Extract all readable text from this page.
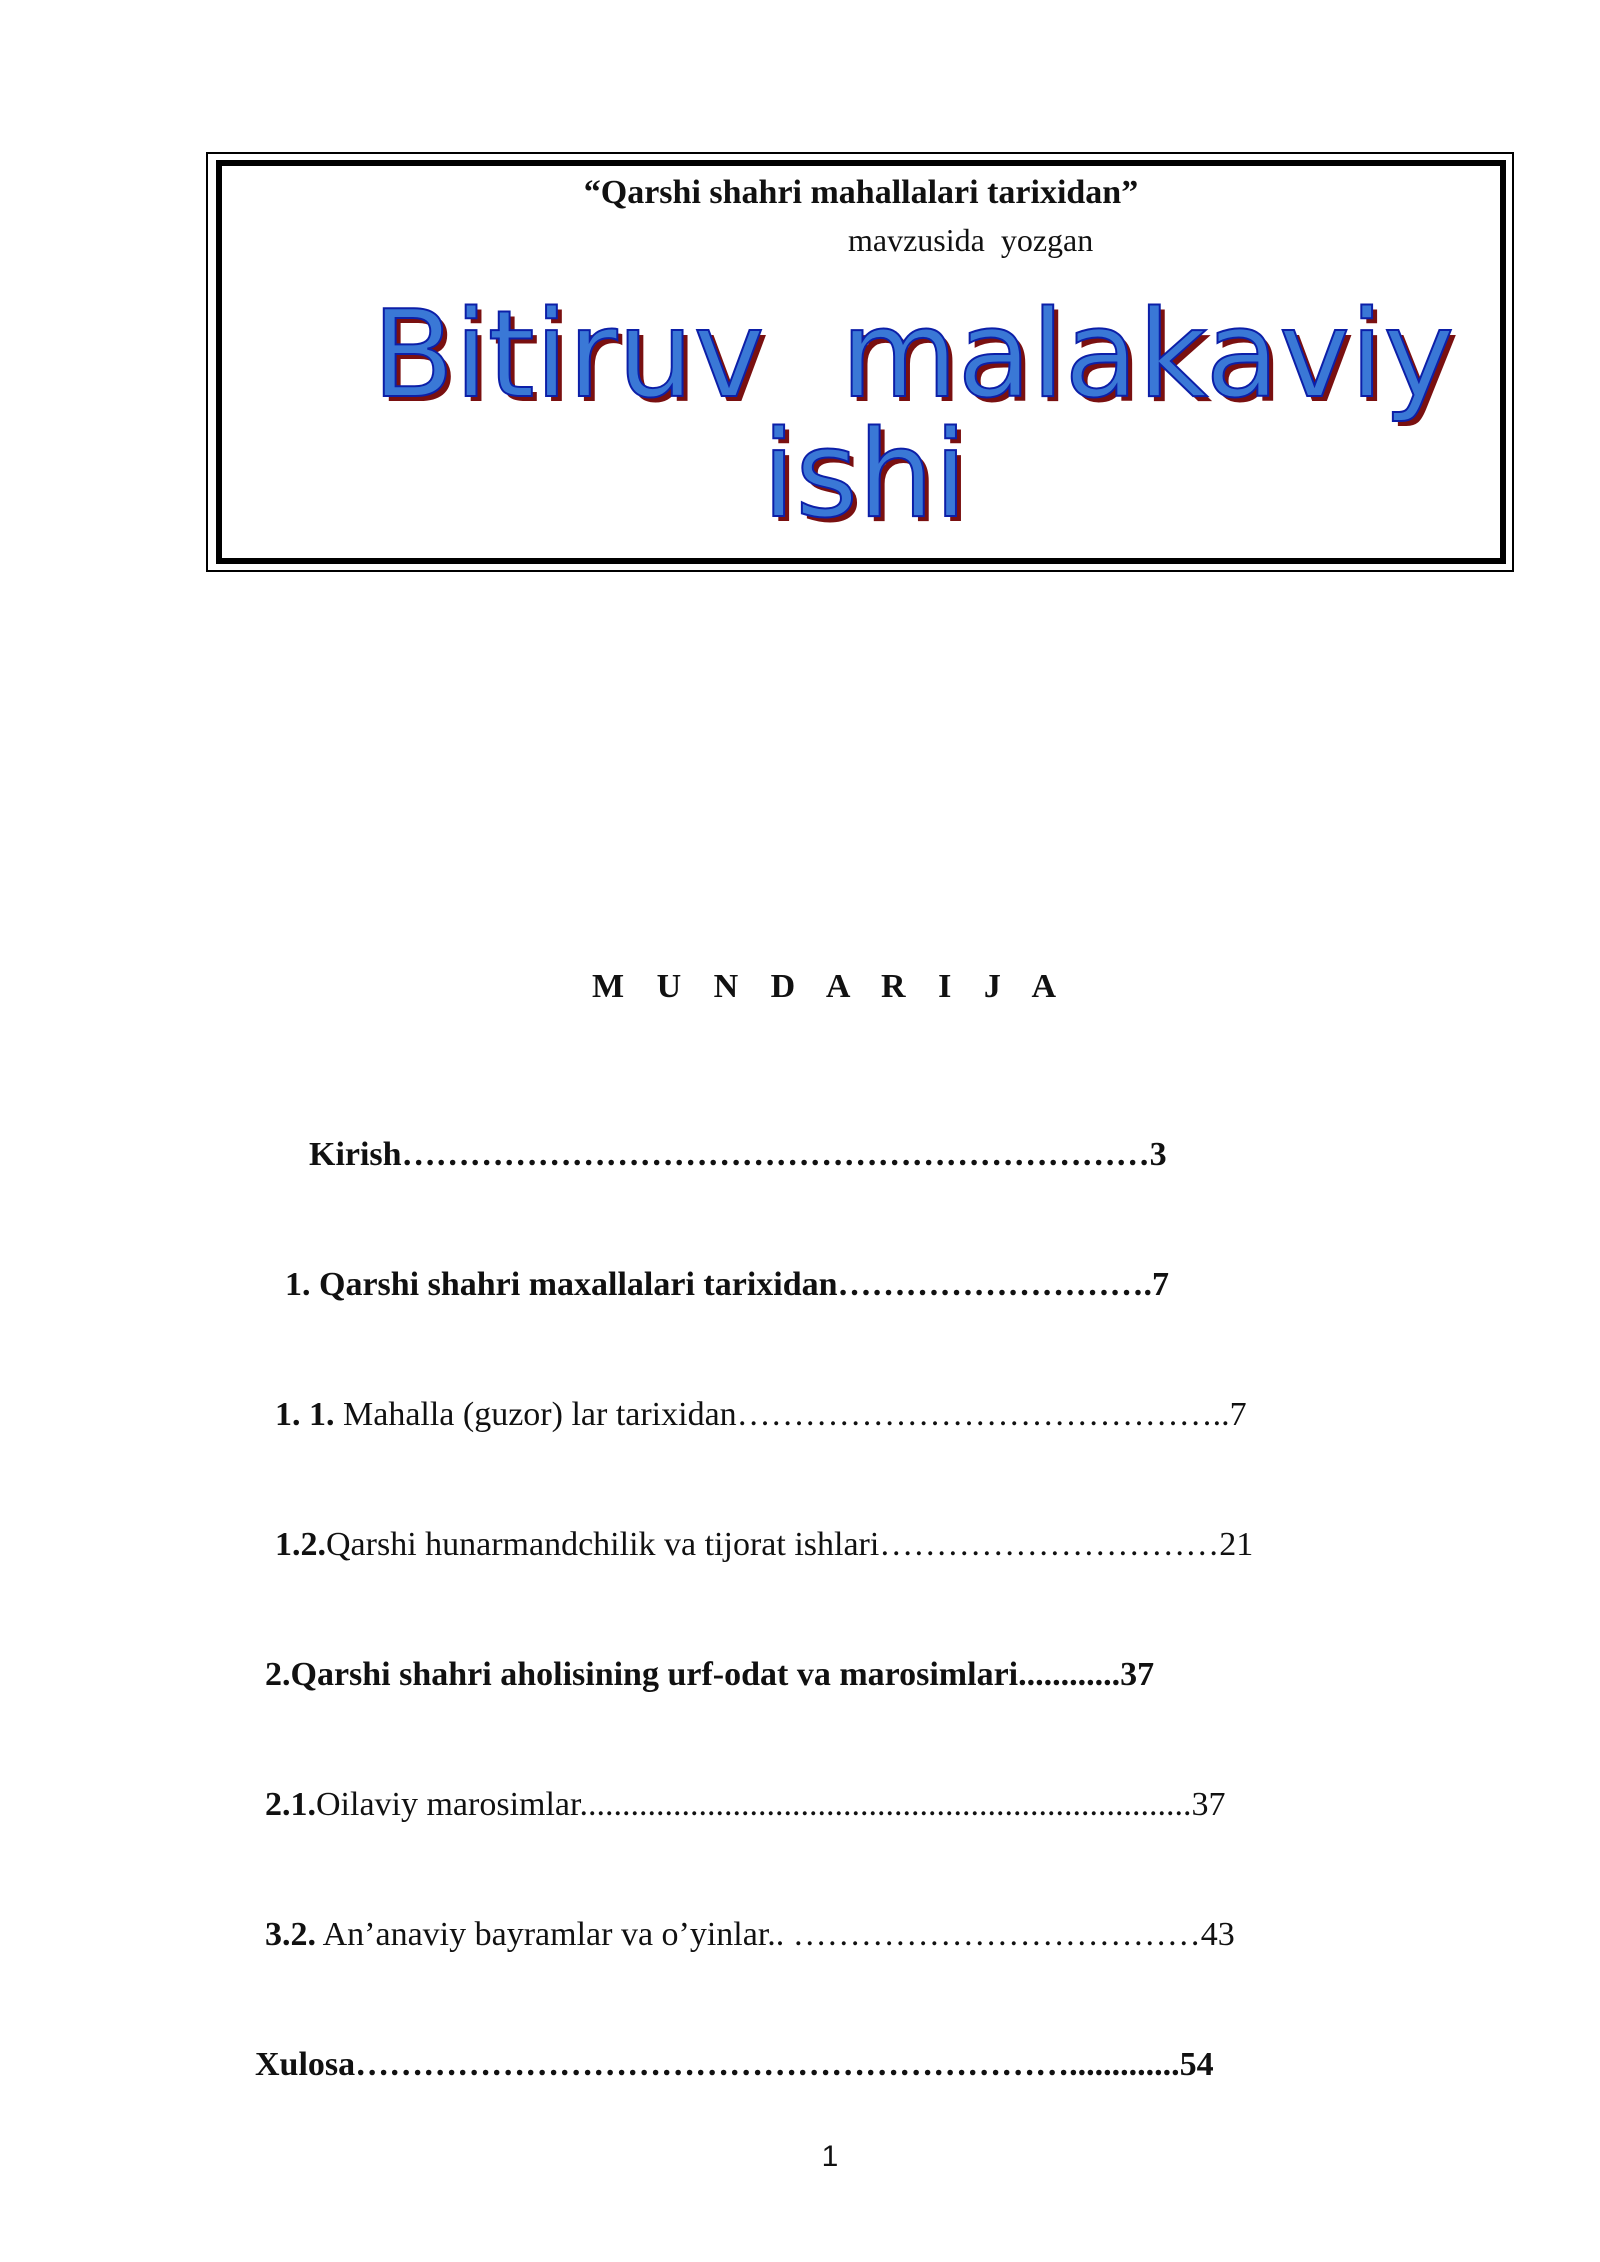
“Qarshi shahri mahallalari tarixidan”
mavzusida  yozgan
Bitiruv  malakaviy
ishi
M U N D A R I J A

Kirish…………………………………………………………3

1. Qarshi shahri maxallalari tarixidan……………………….7

1. 1. Mahalla (guzor) lar tarixidan……………………………………..7

1.2.Qarshi hunarmandchilik va tijorat ishlari…………………………21

2.Qarshi shahri aholisining urf-odat va marosimlari............37

2.1.Oilaviy marosimlar........................................................................37

3.2. An’anaviy bayramlar va o’yinlar.. ………………………………43

Xulosa……………………………………………………….............54

1
